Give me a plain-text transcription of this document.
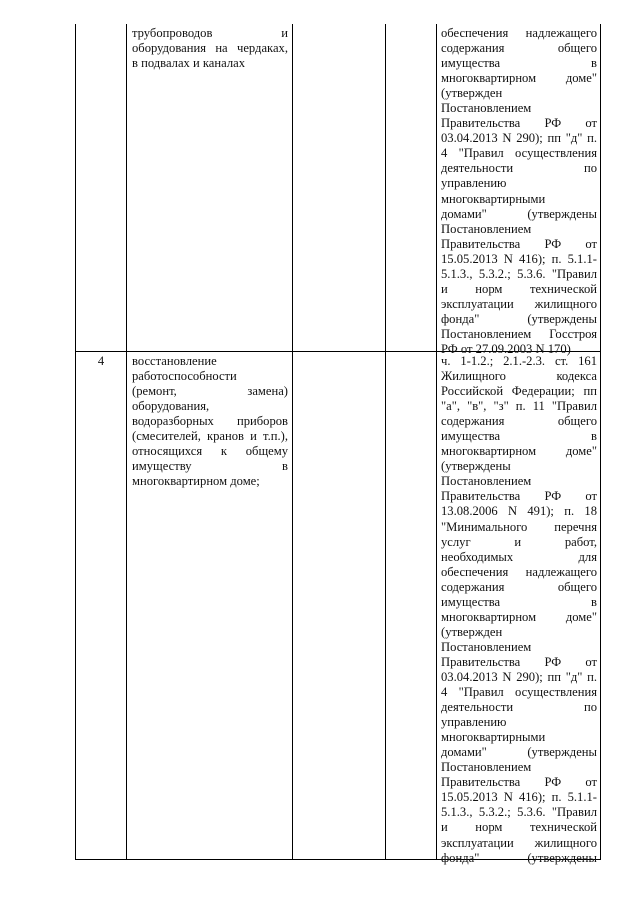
трубопроводов и
оборудования на чердаках,
в подвалах и каналах
обеспечения надлежащего
содержания общего
имущества в
многоквартирном доме"
(утвержден
Постановлением
Правительства РФ от
03.04.2013 N 290); пп "д" п.
4 "Правил осуществления
деятельности по
управлению
многоквартирными
домами" (утверждены
Постановлением
Правительства РФ от
15.05.2013 N 416); п. 5.1.1-
5.1.3., 5.3.2.; 5.3.6. "Правил
и норм технической
эксплуатации жилищного
фонда" (утверждены
Постановлением Госстроя
РФ от 27.09.2003 N 170)
4	восстановление
работоспособности
(ремонт, замена)
оборудования,
водоразборных приборов
(смесителей, кранов и т.п.),
относящихся к общему
имуществу в
многоквартирном доме;
ч. 1-1.2.; 2.1.-2.3. ст. 161
Жилищного кодекса
Российской Федерации; пп
"а", "в", "з" п. 11 "Правил
содержания общего
имущества в
многоквартирном доме"
(утверждены
Постановлением
Правительства РФ от
13.08.2006 N 491); п. 18
"Минимального перечня
услуг и работ,
необходимых для
обеспечения надлежащего
содержания общего
имущества в
многоквартирном доме"
(утвержден
Постановлением
Правительства РФ от
03.04.2013 N 290); пп "д" п.
4 "Правил осуществления
деятельности по
управлению
многоквартирными
домами" (утверждены
Постановлением
Правительства РФ от
15.05.2013 N 416); п. 5.1.1-
5.1.3., 5.3.2.; 5.3.6. "Правил
и норм технической
эксплуатации жилищного
фонда" (утверждены
